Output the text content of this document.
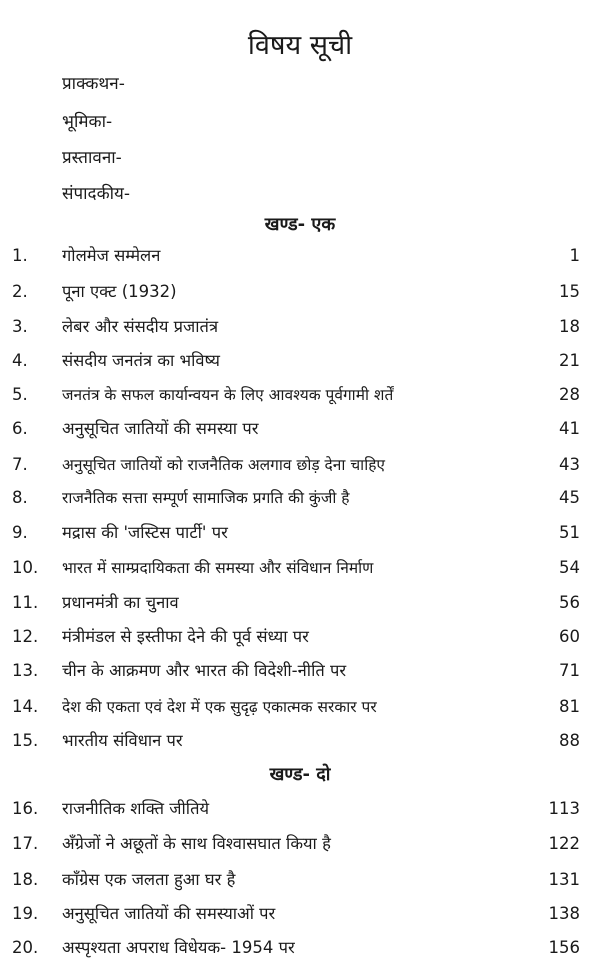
विषय सूची
प्राक्कथन-
भूमिका-
प्रस्तावना-
संपादकीय-
खण्ड- एक
1. गोलमेज सम्मेलन	1
2. पूना एक्ट (1932)	15
3. लेबर और संसदीय प्रजातंत्र	18
4. संसदीय जनतंत्र का भविष्य	21
5. जनतंत्र के सफल कार्यान्वयन के लिए आवश्यक पूर्वगामी शर्तें	28
6. अनुसूचित जातियों की समस्या पर	41
7. अनुसूचित जातियों को राजनैतिक अलगाव छोड़ देना चाहिए	43
8. राजनैतिक सत्ता सम्पूर्ण सामाजिक प्रगति की कुंजी है	45
9. मद्रास की 'जस्टिस पार्टी' पर	51
10. भारत में साम्प्रदायिकता की समस्या और संविधान निर्माण	54
11. प्रधानमंत्री का चुनाव	56
12. मंत्रीमंडल से इस्तीफा देने की पूर्व संध्या पर	60
13. चीन के आक्रमण और भारत की विदेशी-नीति पर	71
14. देश की एकता एवं देश में एक सुदृढ़ एकात्मक सरकार पर	81
15. भारतीय संविधान पर	88
खण्ड- दो
16. राजनीतिक शक्ति जीतिये	113
17. अँग्रेजों ने अछूतों के साथ विश्वासघात किया है	122
18. काँग्रेस एक जलता हुआ घर है	131
19. अनुसूचित जातियों की समस्याओं पर	138
20. अस्पृश्यता अपराध विधेयक- 1954 पर	156
